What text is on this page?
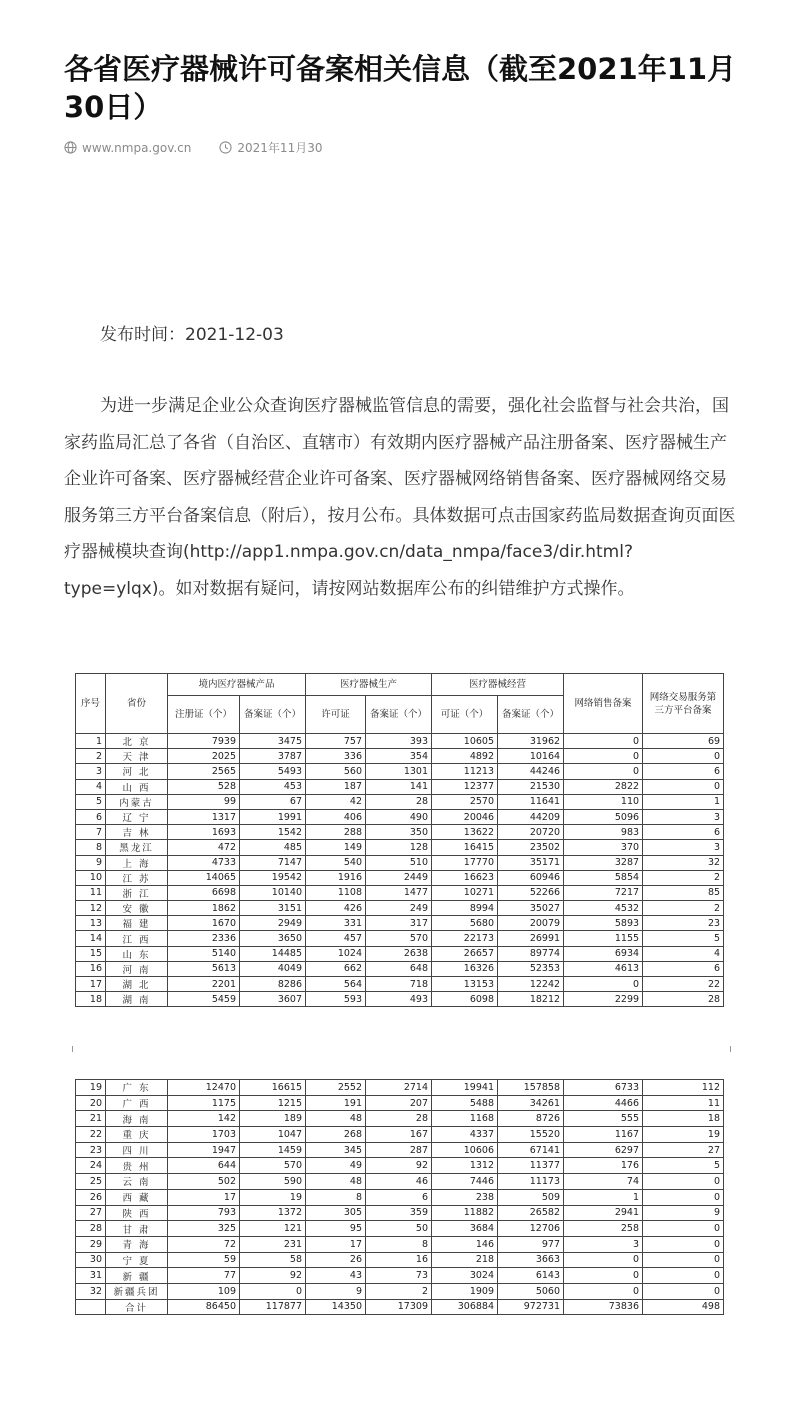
各省医疗器械许可备案相关信息（截至2021年11月30日）
www.nmpa.gov.cn	2021年11月30
发布时间：2021-12-03

为进一步满足企业公众查询医疗器械监管信息的需要，强化社会监督与社会共治，国家药监局汇总了各省（自治区、直辖市）有效期内医疗器械产品注册备案、医疗器械生产企业许可备案、医疗器械经营企业许可备案、医疗器械网络销售备案、医疗器械网络交易服务第三方平台备案信息（附后），按月公布。具体数据可点击国家药监局数据查询页面医疗器械模块查询(http://app1.nmpa.gov.cn/data_nmpa/face3/dir.html?type=ylqx)。如对数据有疑问，请按网站数据库公布的纠错维护方式操作。

序号	省份	境内医疗器械产品		医疗器械生产		医疗器械经营		网络销售备案	网络交易服务第三方平台备案
		注册证（个）	备案证（个）	许可证	备案证（个）	可证（个）	备案证（个）		
1	北 京	7939	3475	757	393	10605	31962	0	69
2	天 津	2025	3787	336	354	4892	10164	0	0
3	河 北	2565	5493	560	1301	11213	44246	0	6
4	山 西	528	453	187	141	12377	21530	2822	0
5	内蒙古	99	67	42	28	2570	11641	110	1
6	辽 宁	1317	1991	406	490	20046	44209	5096	3
7	吉 林	1693	1542	288	350	13622	20720	983	6
8	黑龙江	472	485	149	128	16415	23502	370	3
9	上 海	4733	7147	540	510	17770	35171	3287	32
10	江 苏	14065	19542	1916	2449	16623	60946	5854	2
11	浙 江	6698	10140	1108	1477	10271	52266	7217	85
12	安 徽	1862	3151	426	249	8994	35027	4532	2
13	福 建	1670	2949	331	317	5680	20079	5893	23
14	江 西	2336	3650	457	570	22173	26991	1155	5
15	山 东	5140	14485	1024	2638	26657	89774	6934	4
16	河 南	5613	4049	662	648	16326	52353	4613	6
17	湖 北	2201	8286	564	718	13153	12242	0	22
18	湖 南	5459	3607	593	493	6098	18212	2299	28
19	广 东	12470	16615	2552	2714	19941	157858	6733	112
20	广 西	1175	1215	191	207	5488	34261	4466	11
21	海 南	142	189	48	28	1168	8726	555	18
22	重 庆	1703	1047	268	167	4337	15520	1167	19
23	四 川	1947	1459	345	287	10606	67141	6297	27
24	贵 州	644	570	49	92	1312	11377	176	5
25	云 南	502	590	48	46	7446	11173	74	0
26	西 藏	17	19	8	6	238	509	1	0
27	陕 西	793	1372	305	359	11882	26582	2941	9
28	甘 肃	325	121	95	50	3684	12706	258	0
29	青 海	72	231	17	8	146	977	3	0
30	宁 夏	59	58	26	16	218	3663	0	0
31	新 疆	77	92	43	73	3024	6143	0	0
32	新疆兵团	109	0	9	2	1909	5060	0	0
	合计	86450	117877	14350	17309	306884	972731	73836	498
